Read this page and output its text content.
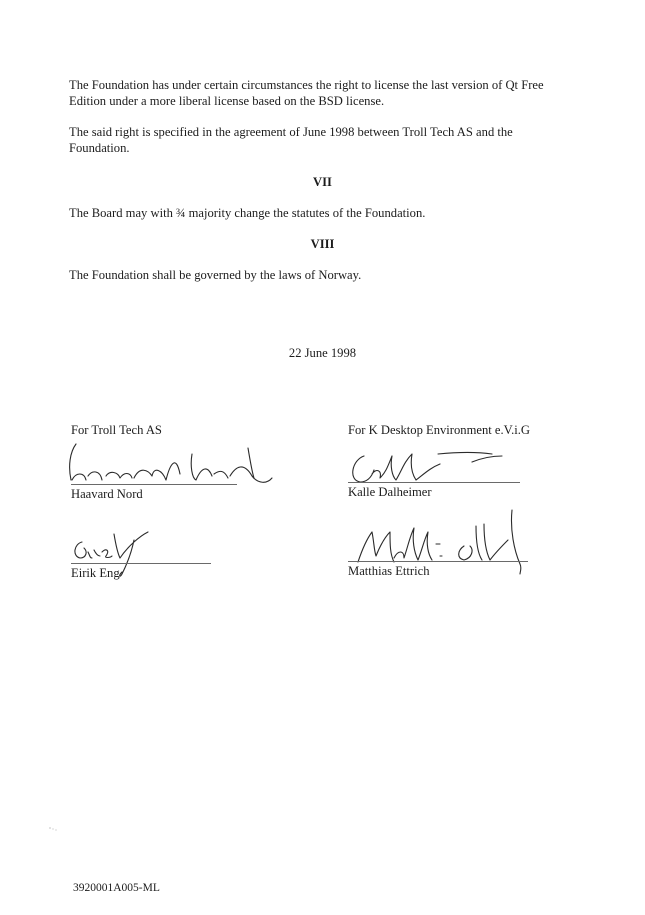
The Foundation has under certain circumstances the right to license the last version of Qt Free Edition under a more liberal license based on the BSD license.

The said right is specified in the agreement of June 1998 between Troll Tech AS and the Foundation.

VII

The Board may with ¾ majority change the statutes of the Foundation.

VIII

The Foundation shall be governed by the laws of Norway.

22 June 1998

For Troll Tech AS

Haavard Nord

Eirik Eng

For K Desktop Environment e.V.i.G

Kalle Dalheimer

Matthias Ettrich

3920001A005-ML
